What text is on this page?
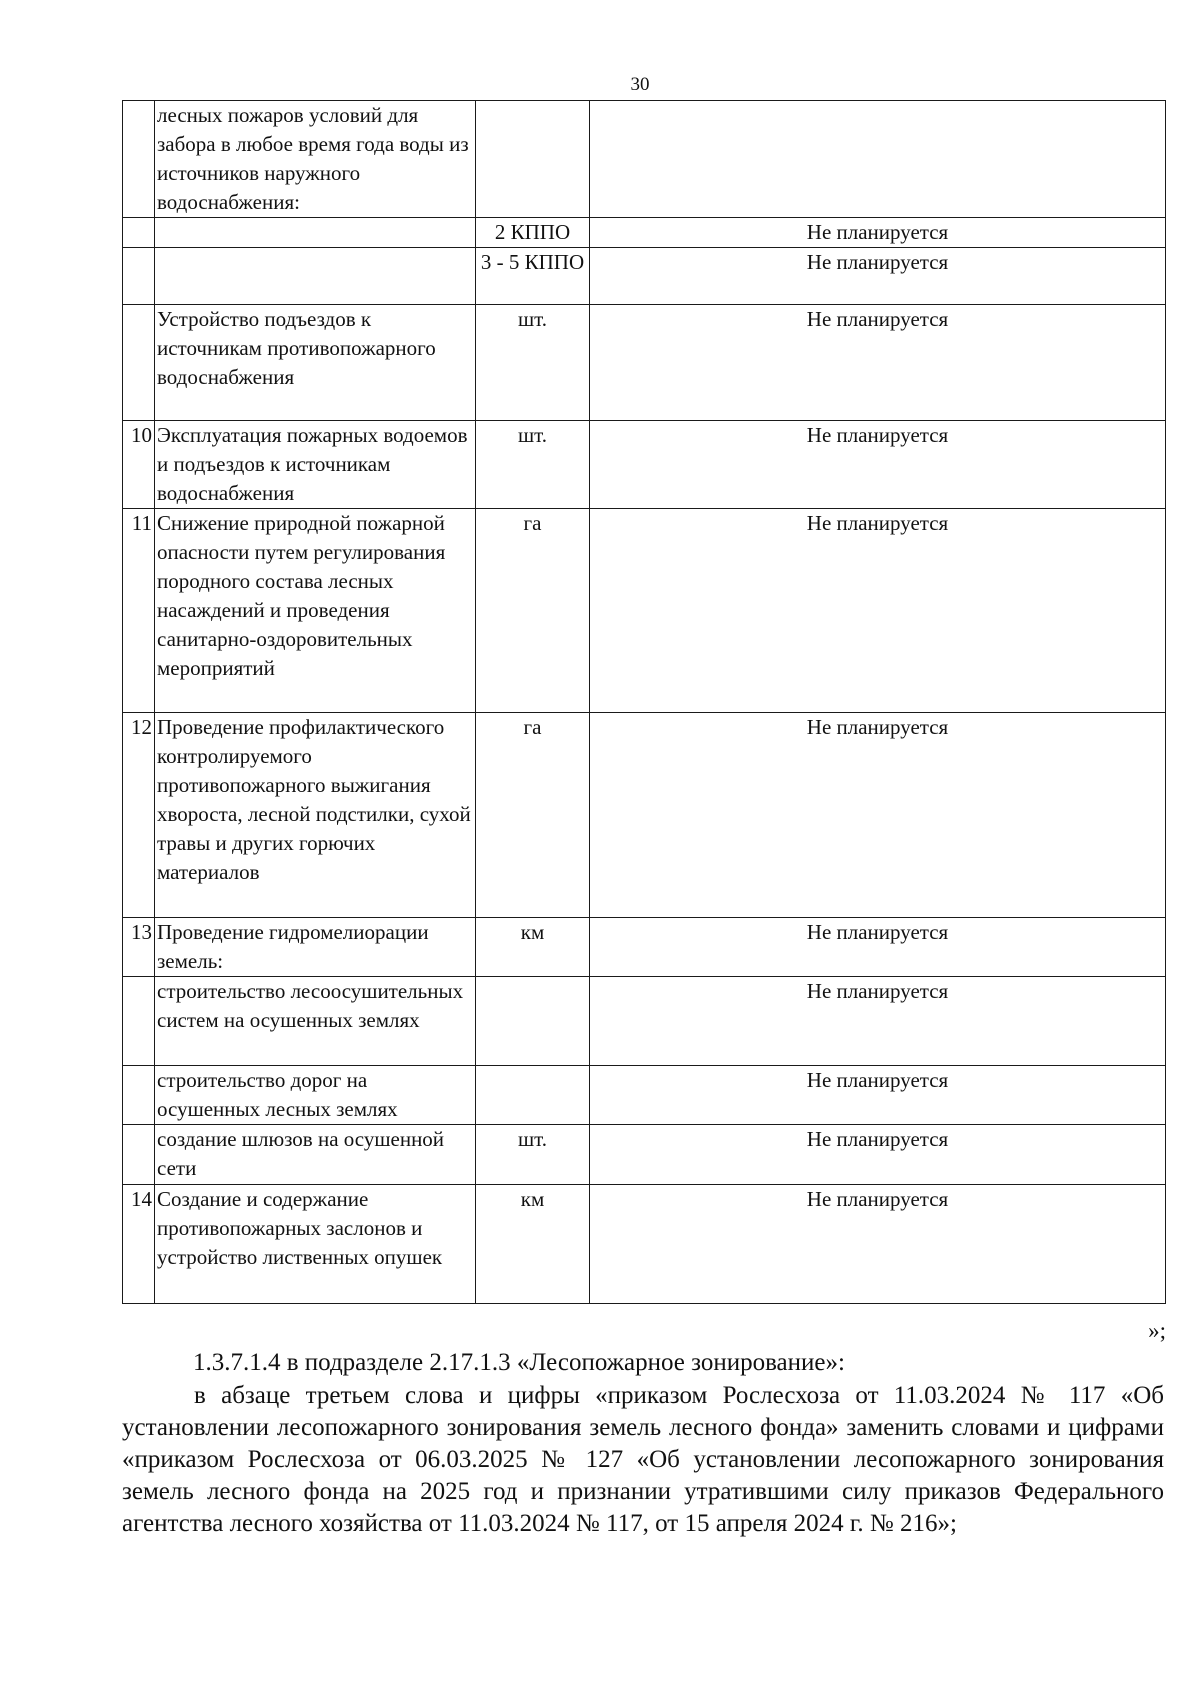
30
	лесных пожаров условий для забора в любое время года воды из источников наружного водоснабжения:		
		2 КППО	Не планируется
		3 - 5 КППО	Не планируется
	Устройство подъездов к источникам противопожарного водоснабжения	шт.	Не планируется
10	Эксплуатация пожарных водоемов и подъездов к источникам водоснабжения	шт.	Не планируется
11	Снижение природной пожарной опасности путем регулирования породного состава лесных насаждений и проведения санитарно-оздоровительных мероприятий	га	Не планируется
12	Проведение профилактического контролируемого противопожарного выжигания хвороста, лесной подстилки, сухой травы и других горючих материалов	га	Не планируется
13	Проведение гидромелиорации земель:	км	Не планируется
	строительство лесоосушительных систем на осушенных землях		Не планируется
	строительство дорог на осушенных лесных землях		Не планируется
	создание шлюзов на осушенной сети	шт.	Не планируется
14	Создание и содержание противопожарных заслонов и устройство лиственных опушек	км	Не планируется
»;
1.3.7.1.4 в подразделе 2.17.1.3 «Лесопожарное зонирование»:

в абзаце третьем слова и цифры «приказом Рослесхоза от 11.03.2024 № 117 «Об установлении лесопожарного зонирования земель лесного фонда» заменить словами и цифрами «приказом Рослесхоза от 06.03.2025 № 127 «Об установлении лесопожарного зонирования земель лесного фонда на 2025 год и признании утратившими силу приказов Федерального агентства лесного хозяйства от 11.03.2024 № 117, от 15 апреля 2024 г. № 216»;
